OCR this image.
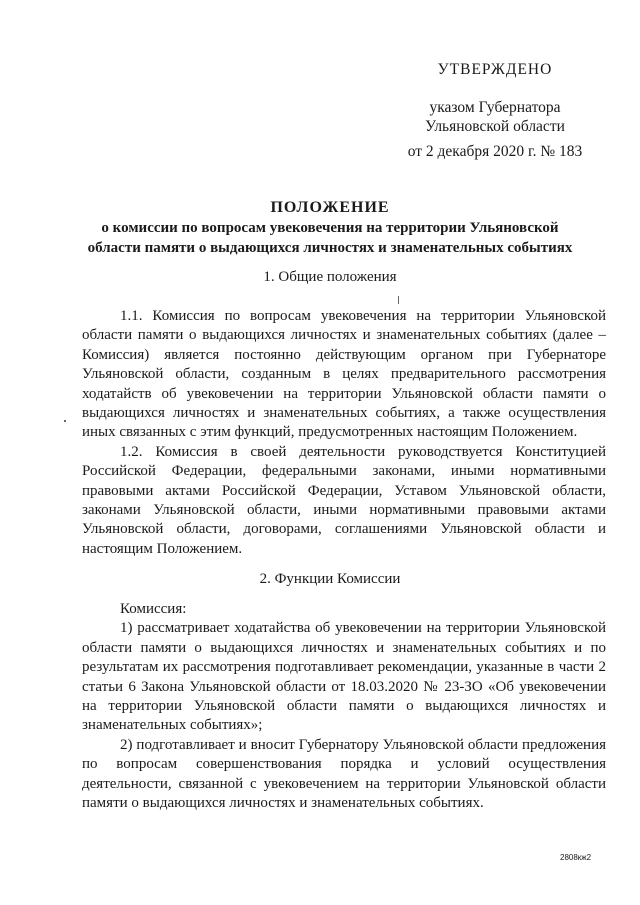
УТВЕРЖДЕНО
указом Губернатора
Ульяновской области
от 2 декабря 2020 г. № 183
ПОЛОЖЕНИЕ
о комиссии по вопросам увековечения на территории Ульяновской
области памяти о выдающихся личностях и знаменательных событиях
1. Общие положения

1.1. Комиссия по вопросам увековечения на территории Ульяновской области памяти о выдающихся личностях и знаменательных событиях (далее – Комиссия) является постоянно действующим органом при Губернаторе Ульяновской области, созданным в целях предварительного рассмотрения ходатайств об увековечении на территории Ульяновской области памяти о выдающихся личностях и знаменательных событиях, а также осуществления иных связанных с этим функций, предусмотренных настоящим Положением.

1.2. Комиссия в своей деятельности руководствуется Конституцией Российской Федерации, федеральными законами, иными нормативными правовыми актами Российской Федерации, Уставом Ульяновской области, законами Ульяновской области, иными нормативными правовыми актами Ульяновской области, договорами, соглашениями Ульяновской области и настоящим Положением.

2. Функции Комиссии

Комиссия:

1) рассматривает ходатайства об увековечении на территории Ульяновской области памяти о выдающихся личностях и знаменательных событиях и по результатам их рассмотрения подготавливает рекомендации, указанные в части 2 статьи 6 Закона Ульяновской области от 18.03.2020 № 23-ЗО «Об увековечении на территории Ульяновской области памяти о выдающихся личностях и знаменательных событиях»;

2) подготавливает и вносит Губернатору Ульяновской области предложения по вопросам совершенствования порядка и условий осуществления деятельности, связанной с увековечением на территории Ульяновской области памяти о выдающихся личностях и знаменательных событиях.

2808кж2
